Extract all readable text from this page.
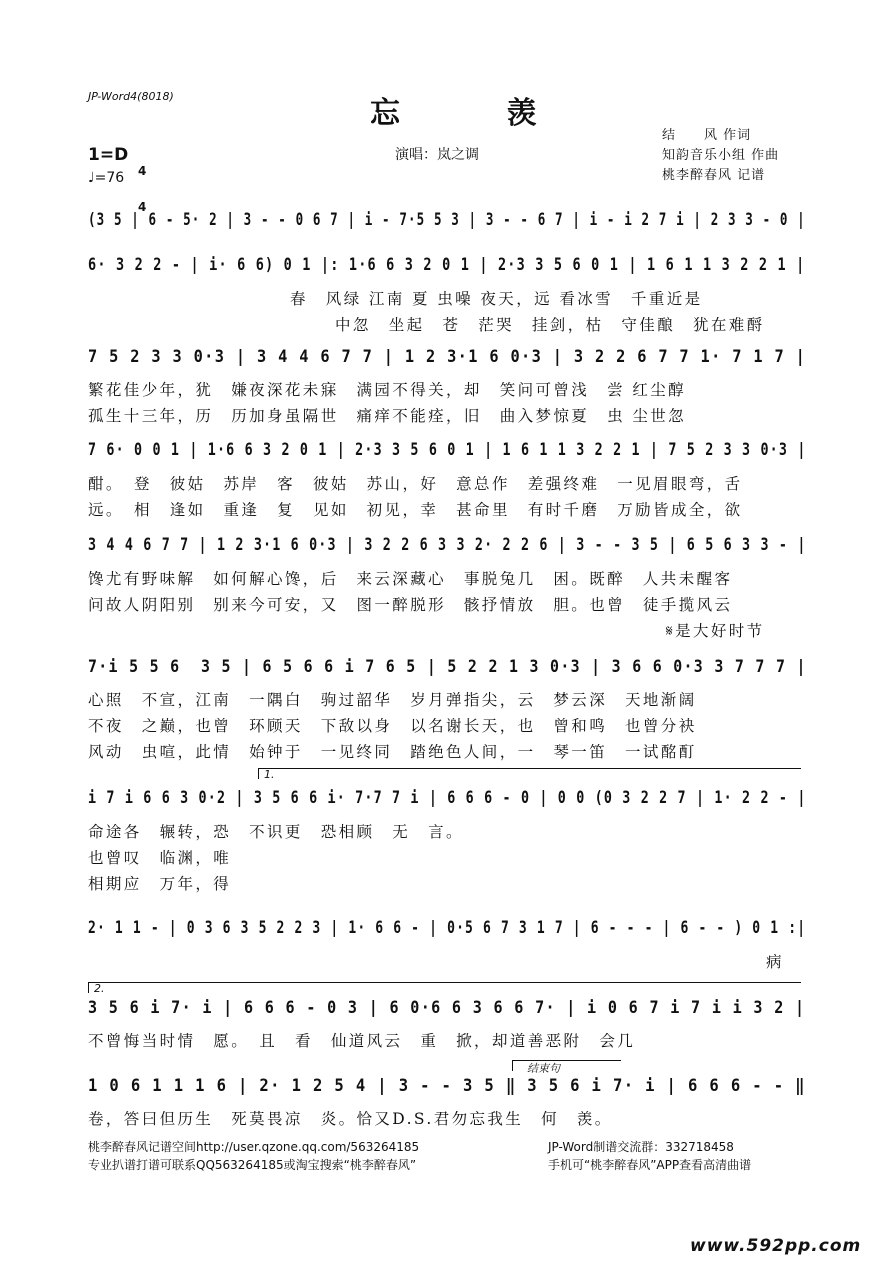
JP-Word4(8018)	忘 羡
1=D

4

4

♩=76
演唱：岚之调
结　　风 作词
知韵音乐小组 作曲
桃李醉春风 记谱
(3 5 | 6 - 5· 2 | 3 - - 0 6 7 | i - 7·5 5 3 | 3 - - 6 7 | i - i 2 7 i | 2 3 3 - 0 |
6· 3 2 2 - | i· 6 6) 0 1 |: 1·6 6 3 2 0 1 | 2·3 3 5 6 0 1 | 1 6 1 1 3 2 2 1 |
春　风绿 江南 夏 虫噪 夜天，远 看冰雪　千重近是
中忽　坐起　苍　茫哭　挂剑，枯　守佳酿　犹在难酹
7 5 2 3 3 0·3 | 3 4 4 6 7 7 | 1 2 3·1 6 0·3 | 3 2 2 6 7 7 1· 7 1 7 |
繁花佳少年，犹　嫌夜深花未寐　满园不得关，却　笑问可曾浅　尝 红尘醇
孤生十三年，历　历加身虽隔世　痛痒不能痊，旧　曲入梦惊夏　虫 尘世忽
7 6· 0 0 1 | 1·6 6 3 2 0 1 | 2·3 3 5 6 0 1 | 1 6 1 1 3 2 2 1 | 7 5 2 3 3 0·3 |
酣。　登　彼姑　苏岸　客　彼姑　苏山，好　意总作　差强终难　一见眉眼弯，舌
远。　相　逢如　重逢　复　见如　初见，幸　甚命里　有时千磨　万励皆成全，欲
3 4 4 6 7 7 | 1 2 3·1 6 0·3 | 3 2 2 6 3 3 2· 2 2 6 | 3 - - 3 5 | 6 5 6 3 3 - |
馋尤有野味解　如何解心馋，后　来云深藏心　事脱兔几　困。既醉　人共未醒客
问故人阴阳别　别来今可安，又　图一醉脱形　骸抒情放　胆。也曾　徒手揽风云
𝄋是大好时节
7·i 5 5 6  3 5 | 6 5 6 6 i 7 6 5 | 5 2 2 1 3 0·3 | 3 6 6 0·3 3 7 7 7 |
心照　不宣，江南　一隅白　驹过韶华　岁月弹指尖，云　梦云深　天地渐阔
不夜　之巅，也曾　环顾天　下敌以身　以名谢长天，也　曾和鸣　也曾分袂
风动　虫喧，此情　始钟于　一见终同　踏绝色人间，一　琴一笛　一试酩酊
1.
i 7 i 6 6 3 0·2 | 3 5 6 6 i· 7·7 7 i | 6 6 6 - 0 | 0 0 (0 3 2 2 7 | 1· 2 2 - |
命途各　辗转，恐　不识更　恐相顾　无　言。
也曾叹　临渊，唯
相期应　万年，得
2· 1 1 - | 0 3 6 3 5 2 2 3 | 1· 6 6 - | 0·5 6 7 3 1 7 | 6 - - - | 6 - - ) 0 1 :|
病
2.
3 5 6 i 7· i | 6 6 6 - 0 3 | 6 0·6 6 3 6 6 7· | i 0 6 7 i 7 i i 3 2 |
不曾悔当时情　愿。　且　看　仙道风云　重　掀，却道善恶附　会几
结束句
1 0 6 1 1 1 6 | 2· 1 2 5 4 | 3 - - 3 5 ‖ 3 5 6 i 7· i | 6 6 6 - - ‖
卷，答曰但历生　死莫畏凉　炎。恰又D.S.君勿忘我生　何　羡。
桃李醉春风记谱空间http://user.qzone.qq.com/563264185
专业扒谱打谱可联系QQ563264185或淘宝搜索“桃李醉春风”
JP-Word制谱交流群：332718458
手机可“桃李醉春风”APP查看高清曲谱
www.592pp.com
